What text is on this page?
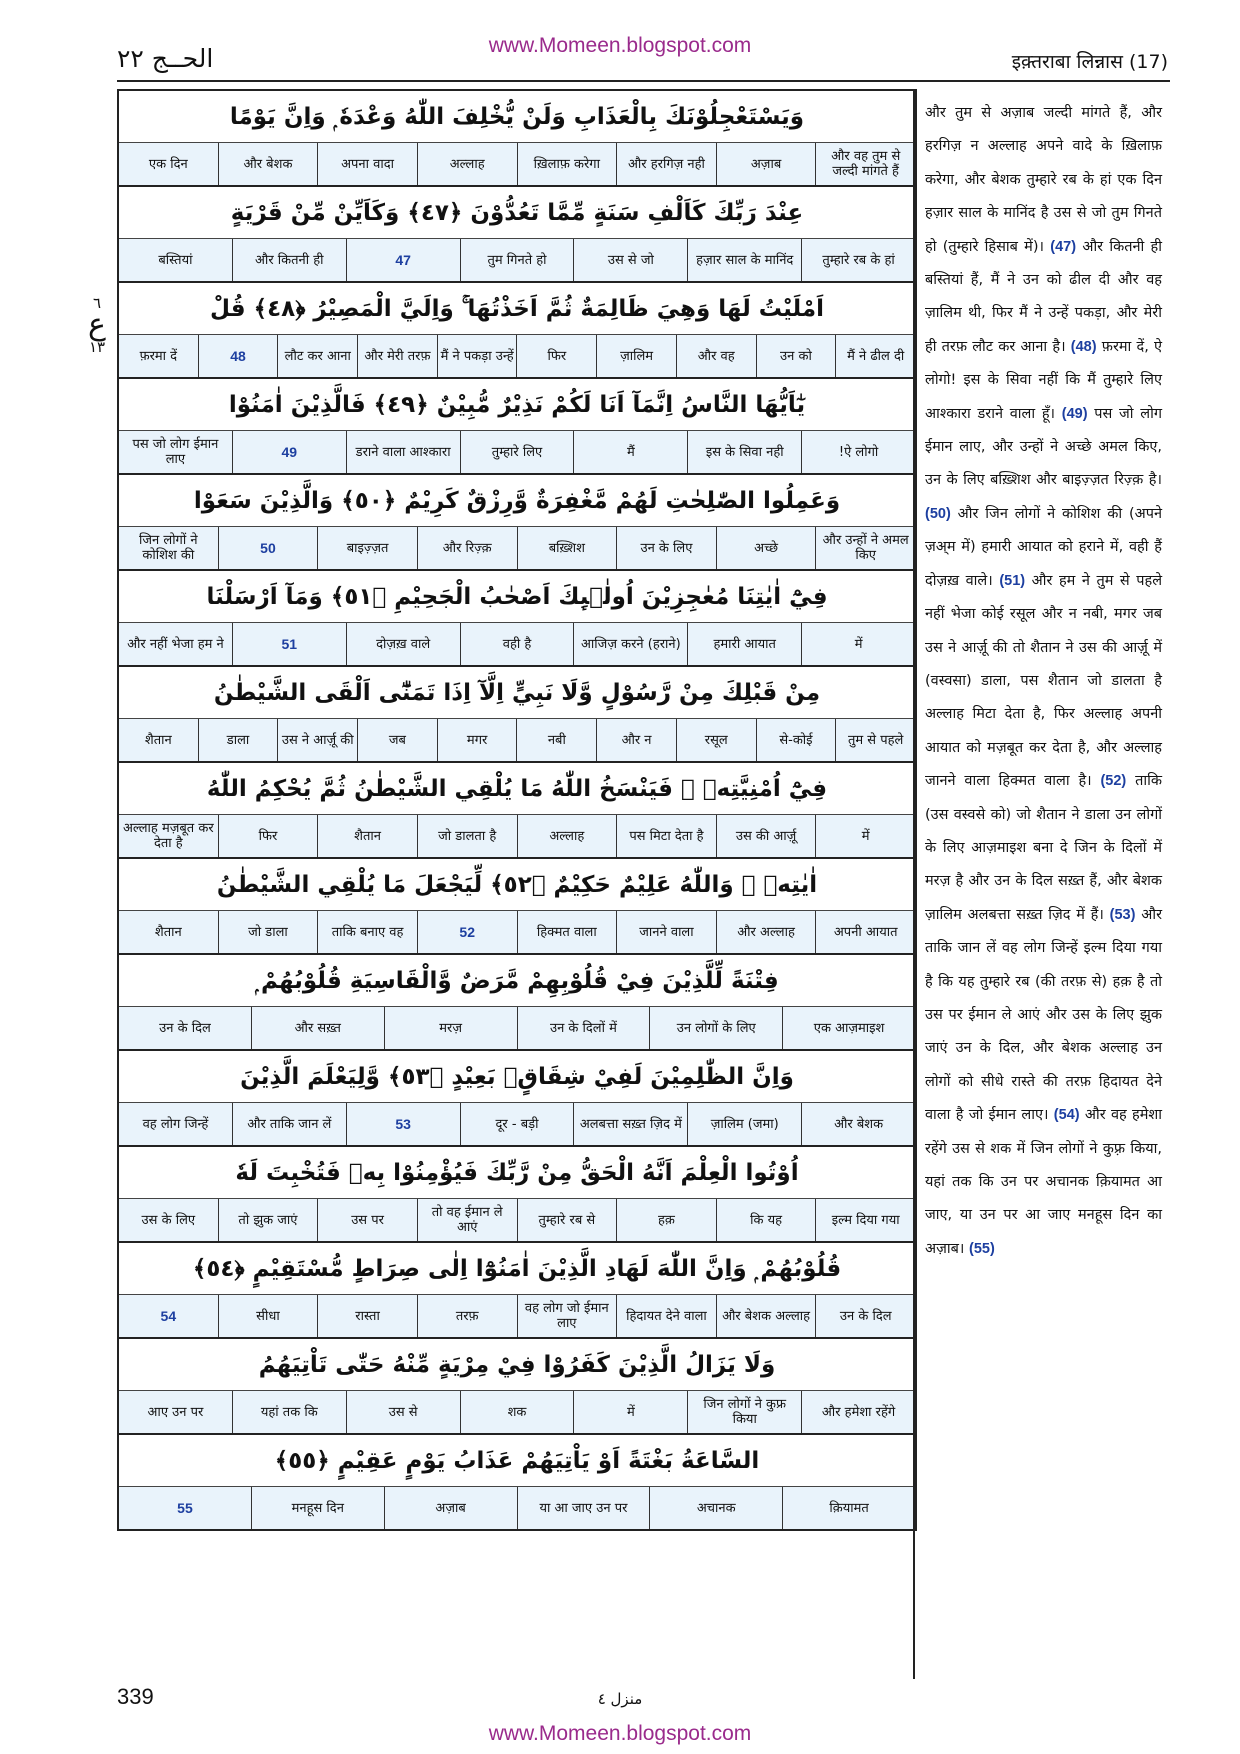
www.Momeen.blogspot.com
الحــج ٢٢	इक़्तराबा लिन्नास (17)
٦
ع
١٣
وَيَسْتَعْجِلُوْنَكَ بِالْعَذَابِ وَلَنْ يُّخْلِفَ اللّٰهُ وَعْدَهٗ ۭ وَاِنَّ يَوْمًا
और वह तुम से जल्दी मांगते हैं
अज़ाब
और हरगिज़ नही
ख़िलाफ़ करेगा
अल्लाह
अपना वादा
और बेशक
एक दिन
عِنْدَ رَبِّكَ كَاَلْفِ سَنَةٍ مِّمَّا تَعُدُّوْنَ ﴿٤٧﴾ وَكَاَيِّنْ مِّنْ قَرْيَةٍ
तुम्हारे रब के हां
हज़ार साल के मानिंद
उस से जो
तुम गिनते हो
47
और कितनी ही
बस्तियां
اَمْلَيْتُ لَهَا وَهِيَ ظَالِمَةٌ ثُمَّ اَخَذْتُهَا ۚ وَاِلَيَّ الْمَصِيْرُ ﴿٤٨﴾ قُلْ
मैं ने ढील दी
उन को
और वह
ज़ालिम
फिर
मैं ने पकड़ा उन्हें
और मेरी तरफ़
लौट कर आना
48
फ़रमा दें
يٰٓاَيُّهَا النَّاسُ اِنَّمَآ اَنَا لَكُمْ نَذِيْرٌ مُّبِيْنٌ ﴿٤٩﴾ فَالَّذِيْنَ اٰمَنُوْا
ऐ लोगो!
इस के सिवा नही
मैं
तुम्हारे लिए
डराने वाला आश्कारा
49
पस जो लोग ईमान लाए
وَعَمِلُوا الصّٰلِحٰتِ لَهُمْ مَّغْفِرَةٌ وَّرِزْقٌ كَرِيْمٌ ﴿٥٠﴾ وَالَّذِيْنَ سَعَوْا
और उन्हों ने अमल किए
अच्छे
उन के लिए
बख़्शिश
और रिज़्क़
बाइज़्ज़त
50
जिन लोगों ने कोशिश की
فِيْٓ اٰيٰتِنَا مُعٰجِزِيْنَ اُولٰۗىِٕكَ اَصْحٰبُ الْجَحِيْمِ ﴿٥١﴾ وَمَآ اَرْسَلْنَا
में
हमारी आयात
आजिज़ करने (हराने)
वही है
दोज़ख़ वाले
51
और नहीं भेजा हम ने
مِنْ قَبْلِكَ مِنْ رَّسُوْلٍ وَّلَا نَبِيٍّ اِلَّآ اِذَا تَمَنّٰٓى اَلْقَى الشَّيْطٰنُ
तुम से पहले
से-कोई
रसूल
और न
नबी
मगर
जब
उस ने आर्ज़ू की
डाला
शैतान
فِيْٓ اُمْنِيَّتِهٖ ۚ فَيَنْسَخُ اللّٰهُ مَا يُلْقِي الشَّيْطٰنُ ثُمَّ يُحْكِمُ اللّٰهُ
में
उस की आर्ज़ू
पस मिटा देता है
अल्लाह
जो डालता है
शैतान
फिर
अल्लाह मज़बूत कर देता है
اٰيٰتِهٖ ۭ وَاللّٰهُ عَلِيْمٌ حَكِيْمٌ ﴿٥٢﴾ لِّيَجْعَلَ مَا يُلْقِي الشَّيْطٰنُ
अपनी आयात
और अल्लाह
जानने वाला
हिक्मत वाला
52
ताकि बनाए वह
जो डाला
शैतान
فِتْنَةً لِّلَّذِيْنَ فِيْ قُلُوْبِهِمْ مَّرَضٌ وَّالْقَاسِيَةِ قُلُوْبُهُمْ ۭ
एक आज़माइश
उन लोगों के लिए
उन के दिलों में
मरज़
और सख़्त
उन के दिल
وَاِنَّ الظّٰلِمِيْنَ لَفِيْ شِقَاقٍۢ بَعِيْدٍ ﴿٥٣﴾ وَّلِيَعْلَمَ الَّذِيْنَ
और बेशक
ज़ालिम (जमा)
अलबत्ता सख़्त ज़िद में
दूर - बड़ी
53
और ताकि जान लें
वह लोग जिन्हें
اُوْتُوا الْعِلْمَ اَنَّهُ الْحَقُّ مِنْ رَّبِّكَ فَيُؤْمِنُوْا بِهٖ فَتُخْبِتَ لَهٗ
इल्म दिया गया
कि यह
हक़
तुम्हारे रब से
तो वह ईमान ले आएं
उस पर
तो झुक जाएं
उस के लिए
قُلُوْبُهُمْ ۭ وَاِنَّ اللّٰهَ لَهَادِ الَّذِيْنَ اٰمَنُوْٓا اِلٰى صِرَاطٍ مُّسْتَقِيْمٍ ﴿٥٤﴾
उन के दिल
और बेशक अल्लाह
हिदायत देने वाला
वह लोग जो ईमान लाए
तरफ़
रास्ता
सीधा
54
وَلَا يَزَالُ الَّذِيْنَ كَفَرُوْا فِيْ مِرْيَةٍ مِّنْهُ حَتّٰى تَاْتِيَهُمُ
और हमेशा रहेंगे
जिन लोगों ने कुफ्र किया
में
शक
उस से
यहां तक कि
आए उन पर
السَّاعَةُ بَغْتَةً اَوْ يَاْتِيَهُمْ عَذَابُ يَوْمٍ عَقِيْمٍ ﴿٥٥﴾
क़ियामत
अचानक
या आ जाए उन पर
अज़ाब
मनहूस दिन
55
और तुम से अज़ाब जल्दी मांगते हैं, और हरगिज़ न अल्लाह अपने वादे के ख़िलाफ़ करेगा, और बेशक तुम्हारे रब के हां एक दिन हज़ार साल के मानिंद है उस से जो तुम गिनते हो (तुम्हारे हिसाब में)। (47) और कितनी ही बस्तियां हैं, मैं ने उन को ढील दी और वह ज़ालिम थी, फिर मैं ने उन्हें पकड़ा, और मेरी ही तरफ़ लौट कर आना है। (48) फ़रमा दें, ऐ लोगो! इस के सिवा नहीं कि मैं तुम्हारे लिए आश्कारा डराने वाला हूँ। (49) पस जो लोग ईमान लाए, और उन्हों ने अच्छे अमल किए, उन के लिए बख़्शिश और बाइज़्ज़त रिज़्क़ है। (50) और जिन लोगों ने कोशिश की (अपने ज़अ्म में) हमारी आयात को हराने में, वही हैं दोज़ख़ वाले। (51) और हम ने तुम से पहले नहीं भेजा कोई रसूल और न नबी, मगर जब उस ने आर्ज़ू की तो शैतान ने उस की आर्ज़ू में (वस्वसा) डाला, पस शैतान जो डालता है अल्लाह मिटा देता है, फिर अल्लाह अपनी आयात को मज़बूत कर देता है, और अल्लाह जानने वाला हिक्मत वाला है। (52) ताकि (उस वस्वसे को) जो शैतान ने डाला उन लोगों के लिए आज़माइश बना दे जिन के दिलों में मरज़ है और उन के दिल सख़्त हैं, और बेशक ज़ालिम अलबत्ता सख़्त ज़िद में हैं। (53) और ताकि जान लें वह लोग जिन्हें इल्म दिया गया है कि यह तुम्हारे रब (की तरफ़ से) हक़ है तो उस पर ईमान ले आएं और उस के लिए झुक जाएं उन के दिल, और बेशक अल्लाह उन लोगों को सीधे रास्ते की तरफ़ हिदायत देने वाला है जो ईमान लाए। (54) और वह हमेशा रहेंगे उस से शक में जिन लोगों ने कुफ़्र किया, यहां तक कि उन पर अचानक क़ियामत आ जाए, या उन पर आ जाए मनहूस दिन का अज़ाब। (55)
339	منزل ٤
www.Momeen.blogspot.com
